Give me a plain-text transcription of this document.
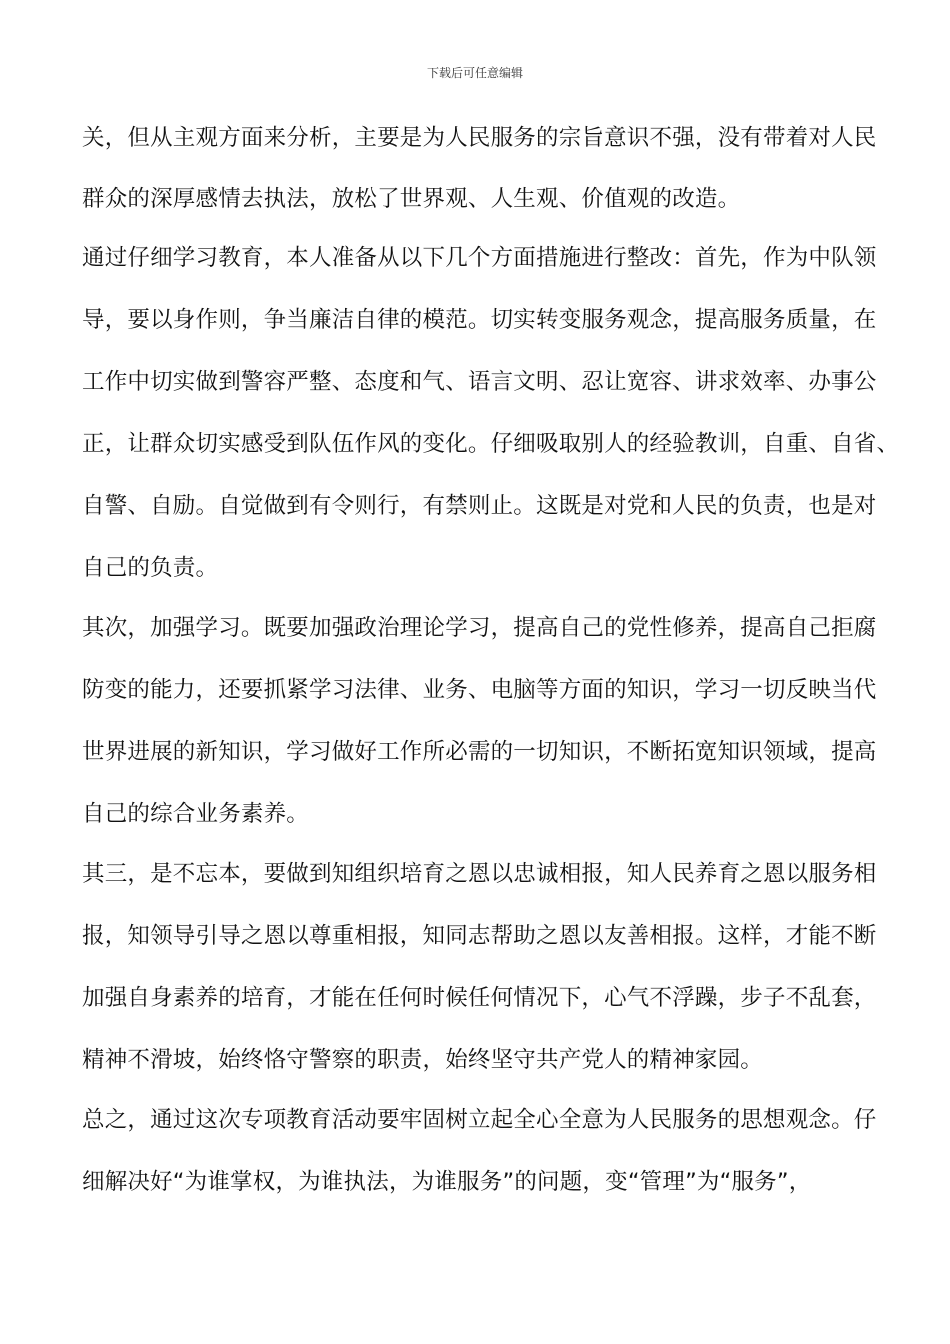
下载后可任意编辑
关，但从主观方面来分析，主要是为人民服务的宗旨意识不强，没有带着对人民
群众的深厚感情去执法，放松了世界观、人生观、价值观的改造。
通过仔细学习教育，本人准备从以下几个方面措施进行整改：首先，作为中队领
导，要以身作则，争当廉洁自律的模范。切实转变服务观念，提高服务质量，在
工作中切实做到警容严整、态度和气、语言文明、忍让宽容、讲求效率、办事公
正，让群众切实感受到队伍作风的变化。仔细吸取别人的经验教训，自重、自省、
自警、自励。自觉做到有令则行，有禁则止。这既是对党和人民的负责，也是对
自己的负责。
其次，加强学习。既要加强政治理论学习，提高自己的党性修养，提高自己拒腐
防变的能力，还要抓紧学习法律、业务、电脑等方面的知识，学习一切反映当代
世界进展的新知识，学习做好工作所必需的一切知识，不断拓宽知识领域，提高
自己的综合业务素养。
其三，是不忘本，要做到知组织培育之恩以忠诚相报，知人民养育之恩以服务相
报，知领导引导之恩以尊重相报，知同志帮助之恩以友善相报。这样，才能不断
加强自身素养的培育，才能在任何时候任何情况下，心气不浮躁，步子不乱套，
精神不滑坡，始终恪守警察的职责，始终坚守共产党人的精神家园。
总之，通过这次专项教育活动要牢固树立起全心全意为人民服务的思想观念。仔
细解决好“为谁掌权，为谁执法，为谁服务”的问题，变“管理”为“服务”，
